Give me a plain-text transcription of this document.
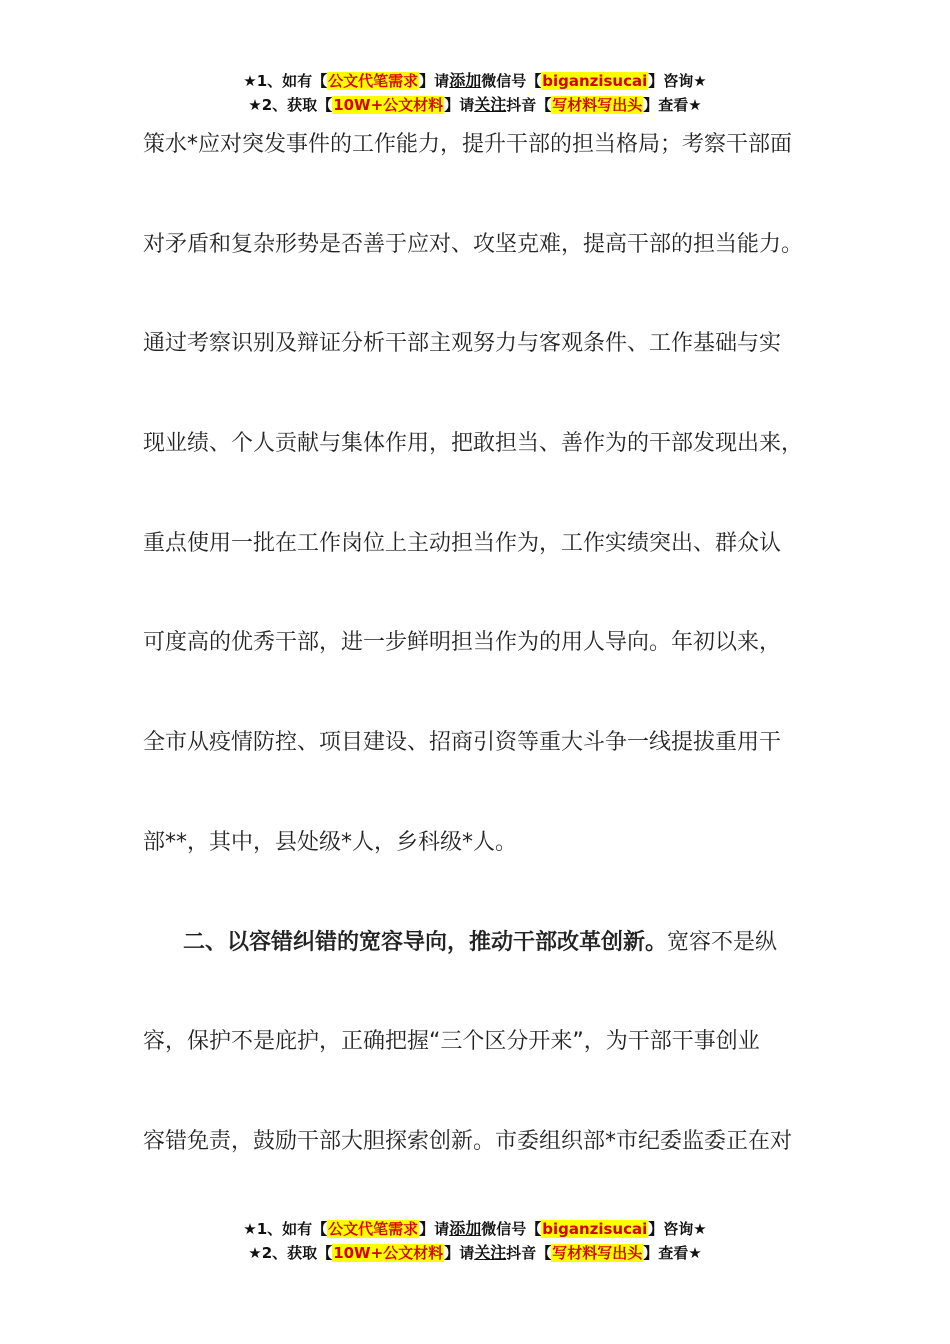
★1、如有【公文代笔需求】请添加微信号【biganzisucai】咨询★
★2、获取【10W+公文材料】请关注抖音【写材料写出头】查看★
策水*应对突发事件的工作能力，提升干部的担当格局；考察干部面
对矛盾和复杂形势是否善于应对、攻坚克难，提高干部的担当能力。
通过考察识别及辩证分析干部主观努力与客观条件、工作基础与实
现业绩、个人贡献与集体作用，把敢担当、善作为的干部发现出来，
重点使用一批在工作岗位上主动担当作为，工作实绩突出、群众认
可度高的优秀干部，进一步鲜明担当作为的用人导向。年初以来，
全市从疫情防控、项目建设、招商引资等重大斗争一线提拔重用干
部**，其中，县处级*人，乡科级*人。
二、以容错纠错的宽容导向，推动干部改革创新。宽容不是纵
容，保护不是庇护，正确把握“三个区分开来”，为干部干事创业
容错免责，鼓励干部大胆探索创新。市委组织部*市纪委监委正在对
★1、如有【公文代笔需求】请添加微信号【biganzisucai】咨询★
★2、获取【10W+公文材料】请关注抖音【写材料写出头】查看★
